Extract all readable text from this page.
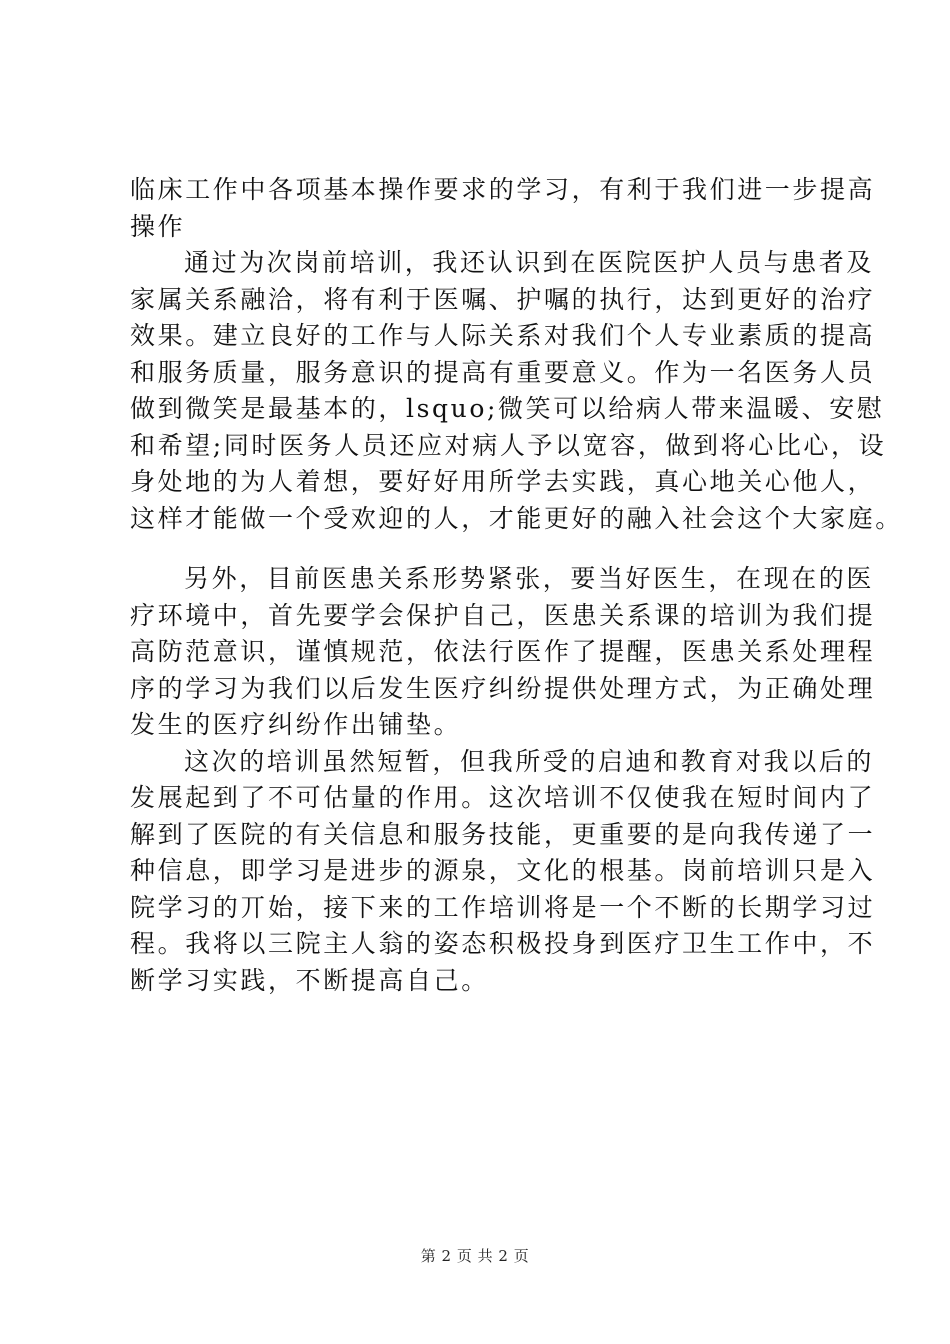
临床工作中各项基本操作要求的学习，有利于我们进一步提高
操作
通过为次岗前培训，我还认识到在医院医护人员与患者及
家属关系融洽，将有利于医嘱、护嘱的执行，达到更好的治疗
效果。建立良好的工作与人际关系对我们个人专业素质的提高
和服务质量，服务意识的提高有重要意义。作为一名医务人员
做到微笑是最基本的，lsquo;微笑可以给病人带来温暖、安慰
和希望;同时医务人员还应对病人予以宽容，做到将心比心，设
身处地的为人着想，要好好用所学去实践，真心地关心他人，
这样才能做一个受欢迎的人，才能更好的融入社会这个大家庭。
另外，目前医患关系形势紧张，要当好医生，在现在的医
疗环境中，首先要学会保护自己，医患关系课的培训为我们提
高防范意识，谨慎规范，依法行医作了提醒，医患关系处理程
序的学习为我们以后发生医疗纠纷提供处理方式，为正确处理
发生的医疗纠纷作出铺垫。
这次的培训虽然短暂，但我所受的启迪和教育对我以后的
发展起到了不可估量的作用。这次培训不仅使我在短时间内了
解到了医院的有关信息和服务技能，更重要的是向我传递了一
种信息，即学习是进步的源泉，文化的根基。岗前培训只是入
院学习的丌始，接下来的工作培训将是一个不断的长期学习过
程。我将以三院主人翁的姿态积极投身到医疗卫生工作中，不
断学习实践，不断提高自己。
第 2 页 共 2 页
